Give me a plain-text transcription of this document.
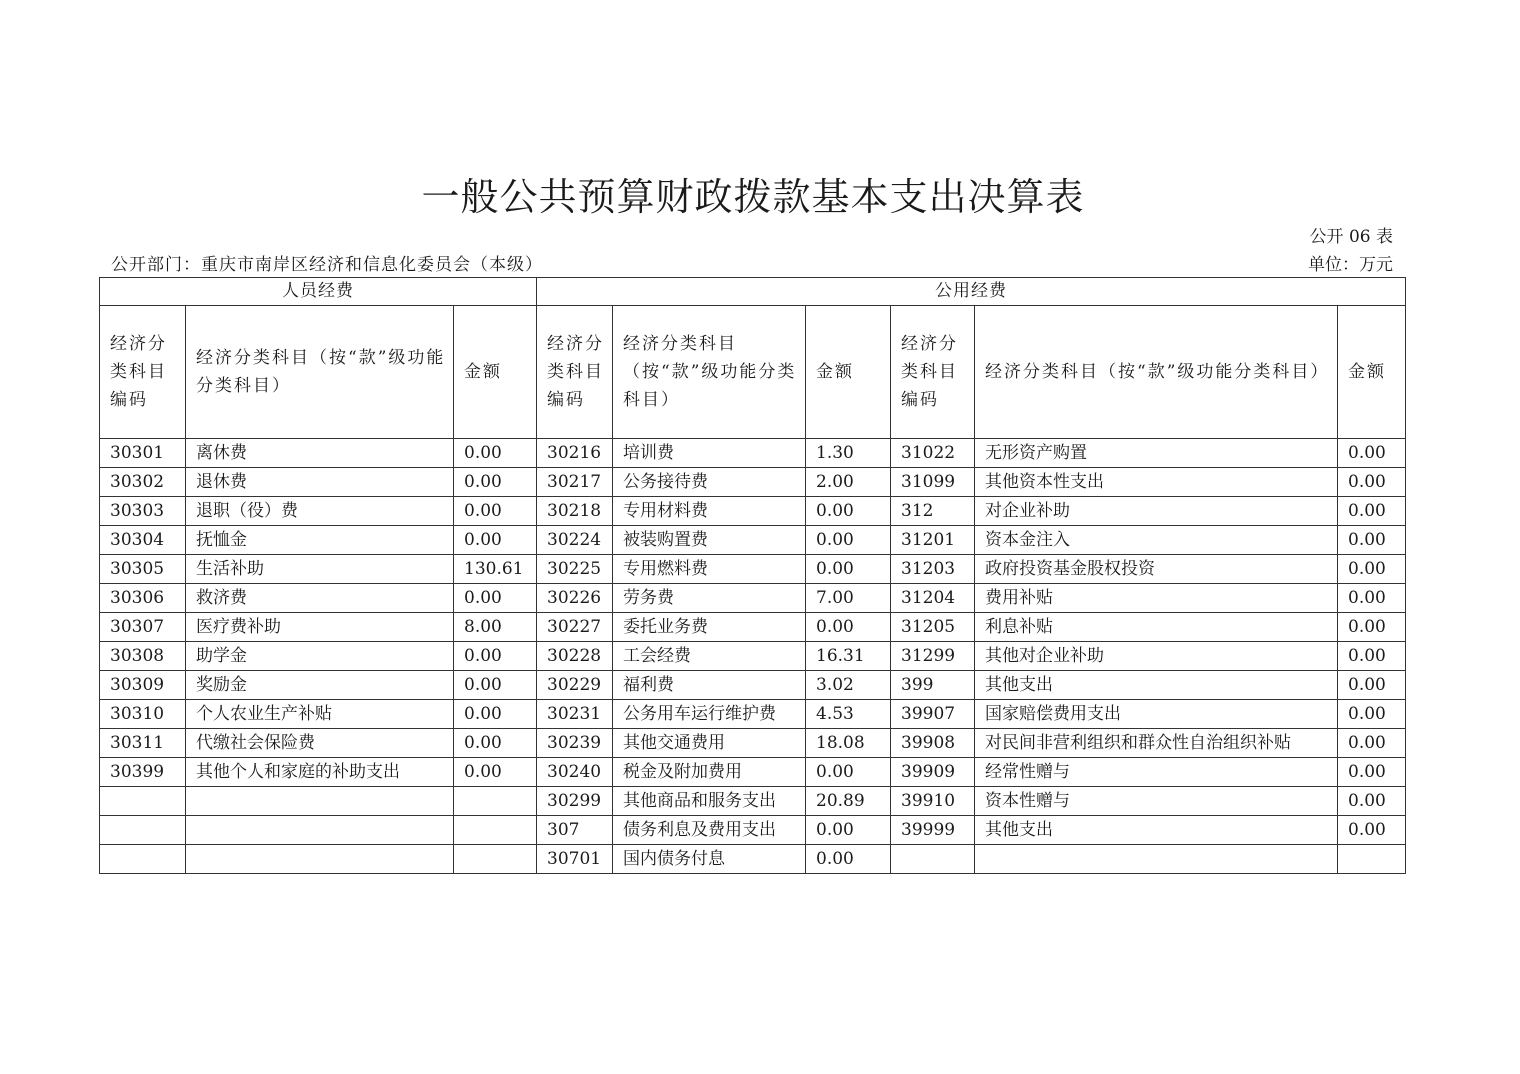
一般公共预算财政拨款基本支出决算表
公开 06 表
公开部门：重庆市南岸区经济和信息化委员会（本级）	单位：万元
人员经费			公用经费					
经济分类科目编码	经济分类科目（按“款”级功能分类科目）	金额	经济分类科目编码	经济分类科目（按“款”级功能分类科目）	金额	经济分类科目编码	经济分类科目（按“款”级功能分类科目）	金额
30301	离休费	0.00	30216	培训费	1.30	31022	无形资产购置	0.00
30302	退休费	0.00	30217	公务接待费	2.00	31099	其他资本性支出	0.00
30303	退职（役）费	0.00	30218	专用材料费	0.00	312	对企业补助	0.00
30304	抚恤金	0.00	30224	被装购置费	0.00	31201	资本金注入	0.00
30305	生活补助	130.61	30225	专用燃料费	0.00	31203	政府投资基金股权投资	0.00
30306	救济费	0.00	30226	劳务费	7.00	31204	费用补贴	0.00
30307	医疗费补助	8.00	30227	委托业务费	0.00	31205	利息补贴	0.00
30308	助学金	0.00	30228	工会经费	16.31	31299	其他对企业补助	0.00
30309	奖励金	0.00	30229	福利费	3.02	399	其他支出	0.00
30310	个人农业生产补贴	0.00	30231	公务用车运行维护费	4.53	39907	国家赔偿费用支出	0.00
30311	代缴社会保险费	0.00	30239	其他交通费用	18.08	39908	对民间非营利组织和群众性自治组织补贴	0.00
30399	其他个人和家庭的补助支出	0.00	30240	税金及附加费用	0.00	39909	经常性赠与	0.00
			30299	其他商品和服务支出	20.89	39910	资本性赠与	0.00
			307	债务利息及费用支出	0.00	39999	其他支出	0.00
			30701	国内债务付息	0.00			
